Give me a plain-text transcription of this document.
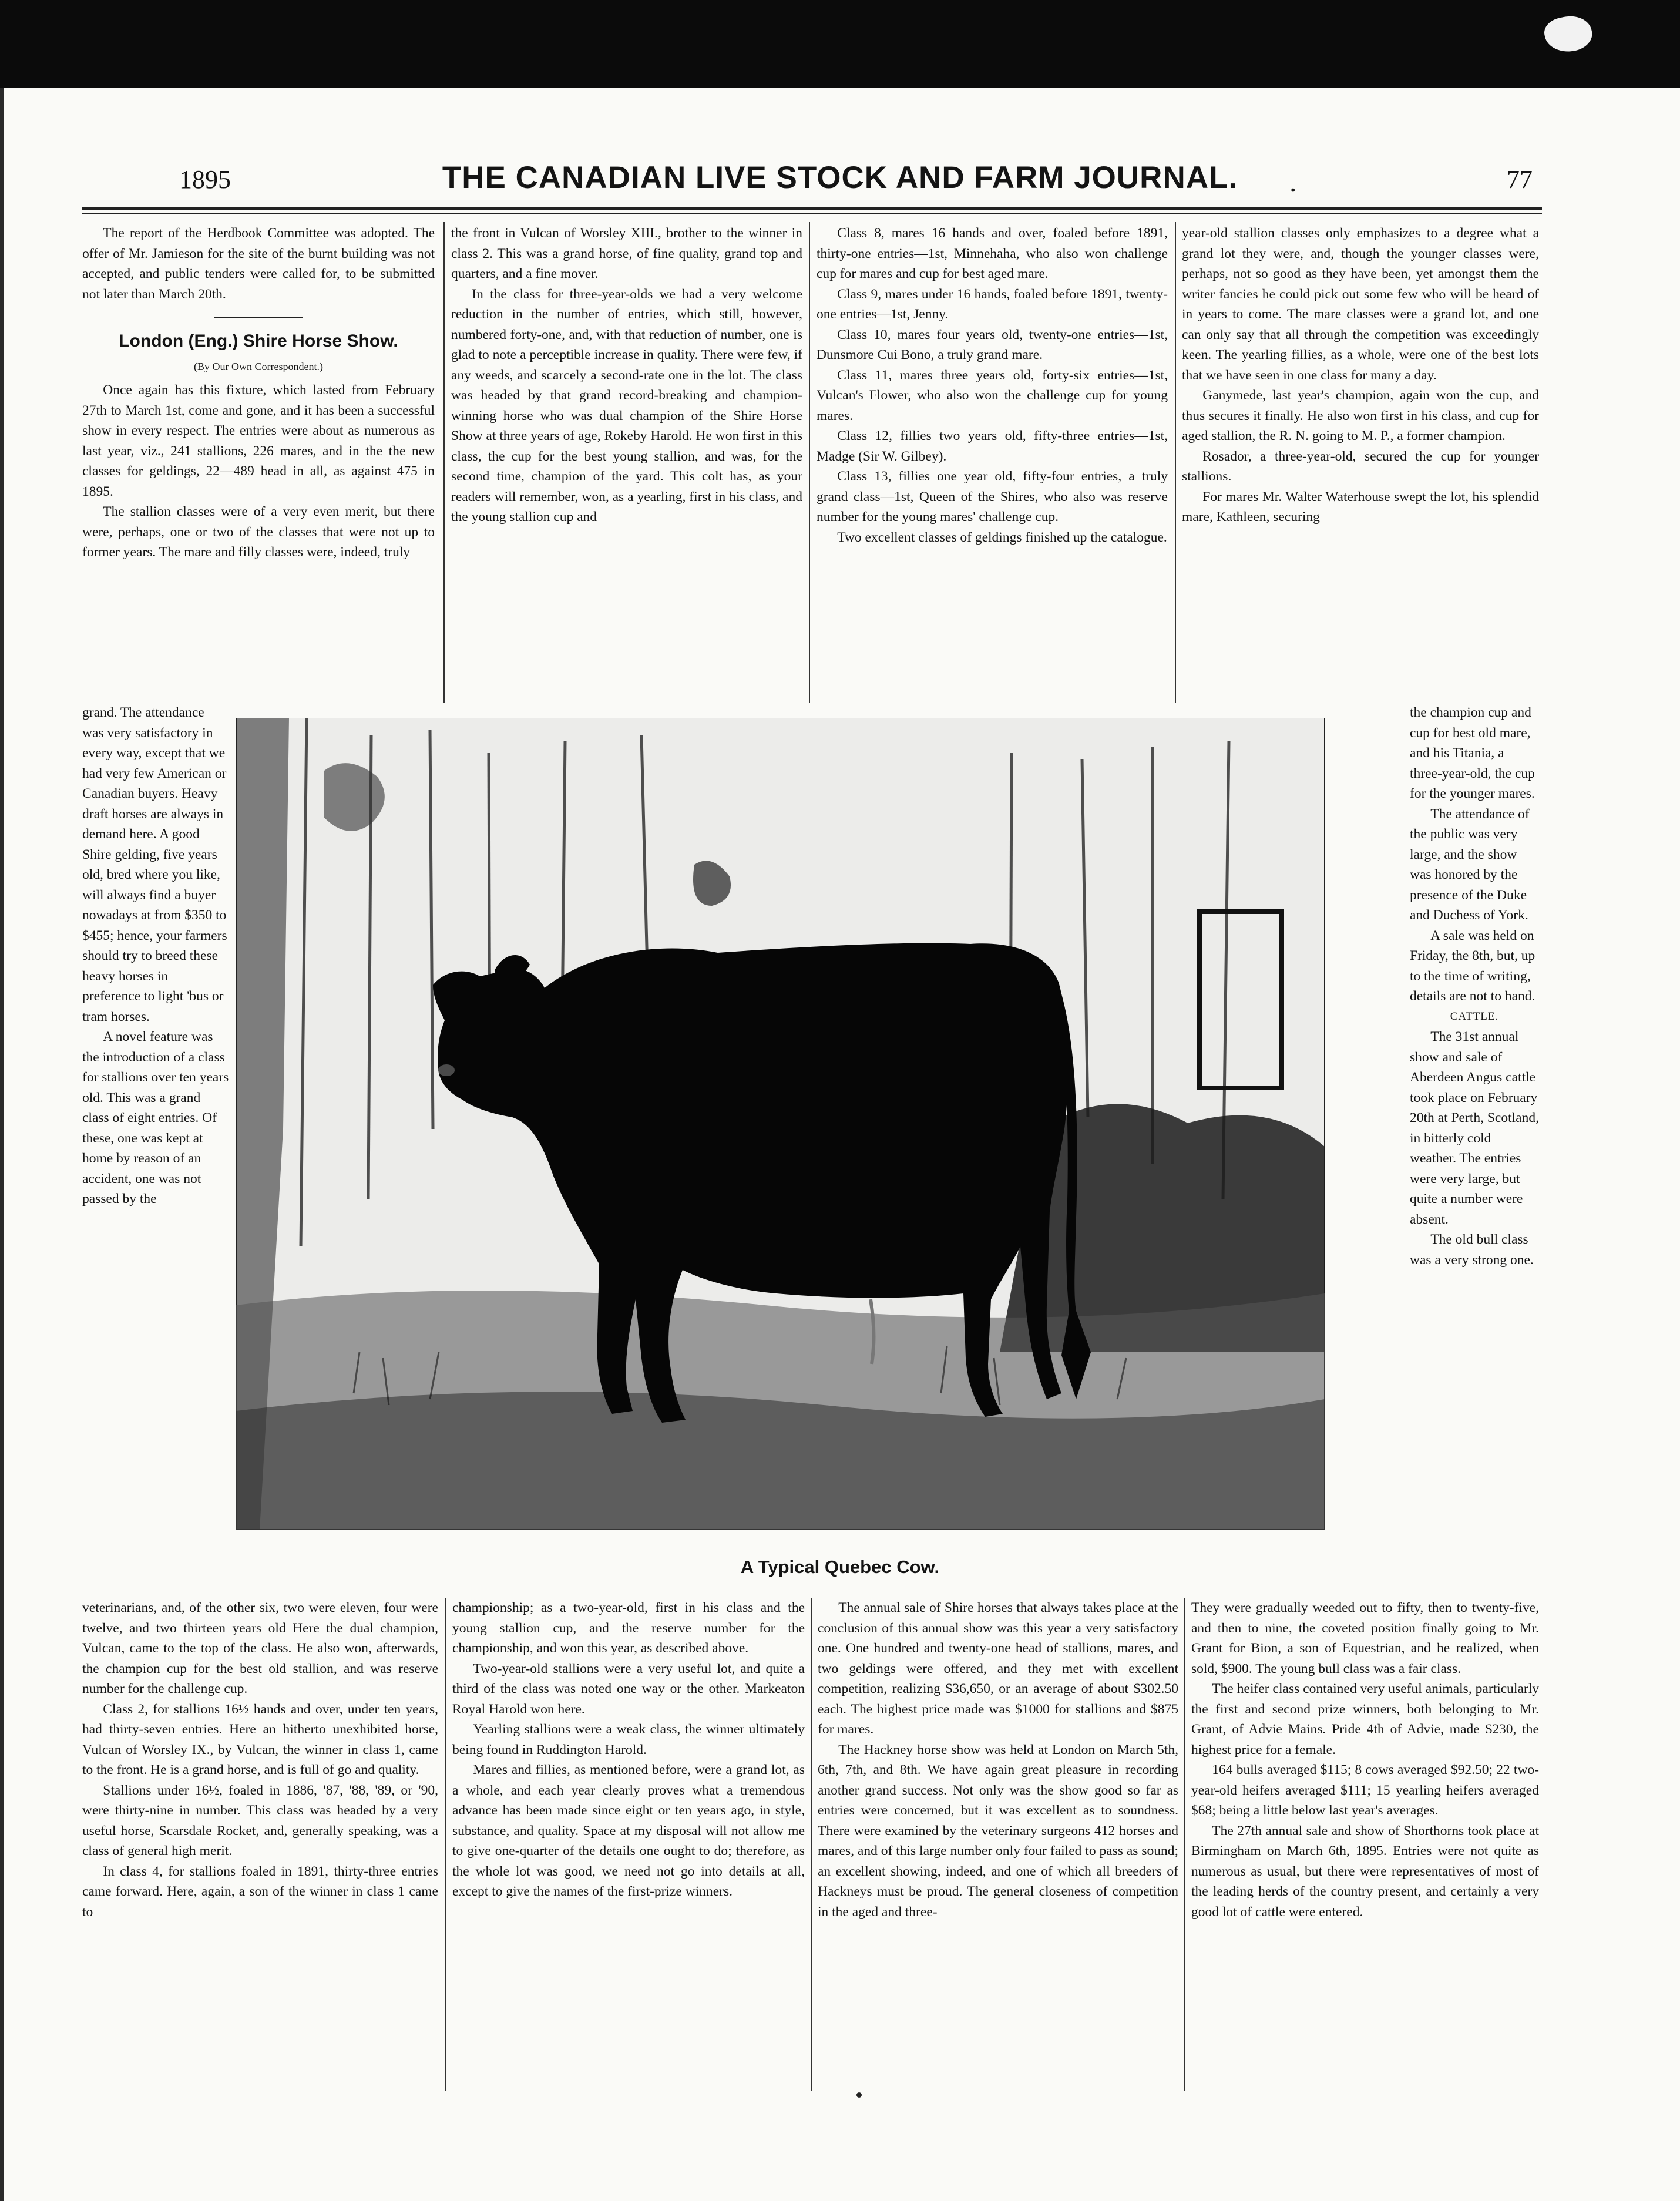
1895	THE CANADIAN LIVE STOCK AND FARM JOURNAL.	.	77

The report of the Herdbook Committee was adopted. The offer of Mr. Jamieson for the site of the burnt building was not accepted, and public tenders were called for, to be submitted not later than March 20th.

London (Eng.) Shire Horse Show.

(By Our Own Correspondent.)

Once again has this fixture, which lasted from February 27th to March 1st, come and gone, and it has been a successful show in every respect. The entries were about as numerous as last year, viz., 241 stallions, 226 mares, and in the the new classes for geldings, 22—489 head in all, as against 475 in 1895.

The stallion classes were of a very even merit, but there were, perhaps, one or two of the classes that were not up to former years. The mare and filly classes were, indeed, truly

the front in Vulcan of Worsley XIII., brother to the winner in class 2. This was a grand horse, of fine quality, grand top and quarters, and a fine mover.

In the class for three-year-olds we had a very welcome reduction in the number of entries, which still, however, numbered forty-one, and, with that reduction of number, one is glad to note a perceptible increase in quality. There were few, if any weeds, and scarcely a second-rate one in the lot. The class was headed by that grand record-breaking and champion-winning horse who was dual champion of the Shire Horse Show at three years of age, Rokeby Harold. He won first in this class, the cup for the best young stallion, and was, for the second time, champion of the yard. This colt has, as your readers will remember, won, as a yearling, first in his class, and the young stallion cup and

Class 8, mares 16 hands and over, foaled before 1891, thirty-one entries—1st, Minnehaha, who also won challenge cup for mares and cup for best aged mare.

Class 9, mares under 16 hands, foaled before 1891, twenty-one entries—1st, Jenny.

Class 10, mares four years old, twenty-one entries—1st, Dunsmore Cui Bono, a truly grand mare.

Class 11, mares three years old, forty-six entries—1st, Vulcan's Flower, who also won the challenge cup for young mares.

Class 12, fillies two years old, fifty-three entries—1st, Madge (Sir W. Gilbey).

Class 13, fillies one year old, fifty-four entries, a truly grand class—1st, Queen of the Shires, who also was reserve number for the young mares' challenge cup.

Two excellent classes of geldings finished up the catalogue.

year-old stallion classes only emphasizes to a degree what a grand lot they were, and, though the younger classes were, perhaps, not so good as they have been, yet amongst them the writer fancies he could pick out some few who will be heard of in years to come. The mare classes were a grand lot, and one can only say that all through the competition was exceedingly keen. The yearling fillies, as a whole, were one of the best lots that we have seen in one class for many a day.

Ganymede, last year's champion, again won the cup, and thus secures it finally. He also won first in his class, and cup for aged stallion, the R. N. going to M. P., a former champion.

Rosador, a three-year-old, secured the cup for younger stallions.

For mares Mr. Walter Waterhouse swept the lot, his splendid mare, Kathleen, securing

grand. The attendance was very satisfactory in every way, except that we had very few American or Canadian buyers. Heavy draft horses are always in demand here. A good Shire gelding, five years old, bred where you like, will always find a buyer nowadays at from $350 to $455; hence, your farmers should try to breed these heavy horses in preference to light 'bus or tram horses.

A novel feature was the introduction of a class for stallions over ten years old. This was a grand class of eight entries. Of these, one was kept at home by reason of an accident, one was not passed by the

the champion cup and cup for best old mare, and his Titania, a three-year-old, the cup for the younger mares.

The attendance of the public was very large, and the show was honored by the presence of the Duke and Duchess of York.

A sale was held on Friday, the 8th, but, up to the time of writing, details are not to hand.

CATTLE.

The 31st annual show and sale of Aberdeen Angus cattle took place on February 20th at Perth, Scotland, in bitterly cold weather. The entries were very large, but quite a number were absent.

The old bull class was a very strong one.

A Typical Quebec Cow.

veterinarians, and, of the other six, two were eleven, four were twelve, and two thirteen years old Here the dual champion, Vulcan, came to the top of the class. He also won, afterwards, the champion cup for the best old stallion, and was reserve number for the challenge cup.

Class 2, for stallions 16½ hands and over, under ten years, had thirty-seven entries. Here an hitherto unexhibited horse, Vulcan of Worsley IX., by Vulcan, the winner in class 1, came to the front. He is a grand horse, and is full of go and quality.

Stallions under 16½, foaled in 1886, '87, '88, '89, or '90, were thirty-nine in number. This class was headed by a very useful horse, Scarsdale Rocket, and, generally speaking, was a class of general high merit.

In class 4, for stallions foaled in 1891, thirty-three entries came forward. Here, again, a son of the winner in class 1 came to

championship; as a two-year-old, first in his class and the young stallion cup, and the reserve number for the championship, and won this year, as described above.

Two-year-old stallions were a very useful lot, and quite a third of the class was noted one way or the other. Markeaton Royal Harold won here.

Yearling stallions were a weak class, the winner ultimately being found in Ruddington Harold.

Mares and fillies, as mentioned before, were a grand lot, as a whole, and each year clearly proves what a tremendous advance has been made since eight or ten years ago, in style, substance, and quality. Space at my disposal will not allow me to give one-quarter of the details one ought to do; therefore, as the whole lot was good, we need not go into details at all, except to give the names of the first-prize winners.

The annual sale of Shire horses that always takes place at the conclusion of this annual show was this year a very satisfactory one. One hundred and twenty-one head of stallions, mares, and two geldings were offered, and they met with excellent competition, realizing $36,650, or an average of about $302.50 each. The highest price made was $1000 for stallions and $875 for mares.

The Hackney horse show was held at London on March 5th, 6th, 7th, and 8th. We have again great pleasure in recording another grand success. Not only was the show good so far as entries were concerned, but it was excellent as to soundness. There were examined by the veterinary surgeons 412 horses and mares, and of this large number only four failed to pass as sound; an excellent showing, indeed, and one of which all breeders of Hackneys must be proud. The general closeness of competition in the aged and three-

They were gradually weeded out to fifty, then to twenty-five, and then to nine, the coveted position finally going to Mr. Grant for Bion, a son of Equestrian, and he realized, when sold, $900. The young bull class was a fair class.

The heifer class contained very useful animals, particularly the first and second prize winners, both belonging to Mr. Grant, of Advie Mains. Pride 4th of Advie, made $230, the highest price for a female.

164 bulls averaged $115; 8 cows averaged $92.50; 22 two-year-old heifers averaged $111; 15 yearling heifers averaged $68; being a little below last year's averages.

The 27th annual sale and show of Shorthorns took place at Birmingham on March 6th, 1895. Entries were not quite as numerous as usual, but there were representatives of most of the leading herds of the country present, and certainly a very good lot of cattle were entered.
